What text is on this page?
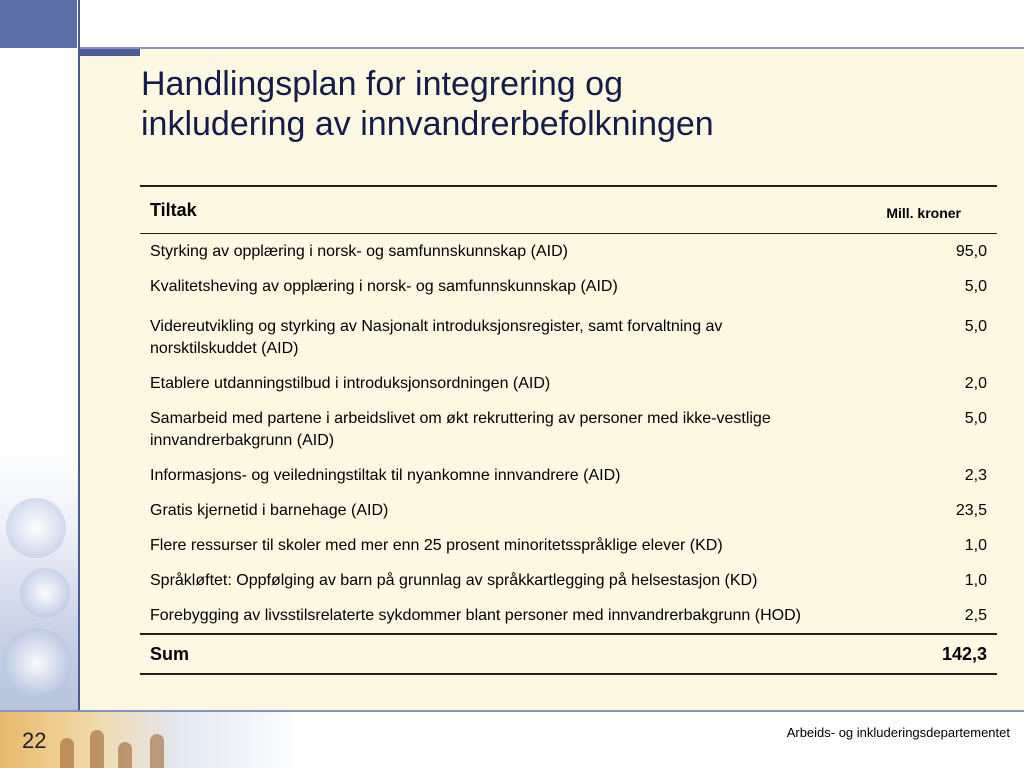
Handlingsplan for integrering og
inkludering av innvandrerbefolkningen
Tiltak	Mill. kroner
Styrking av opplæring i norsk- og samfunnskunnskap (AID)	95,0
Kvalitetsheving av opplæring i norsk- og samfunnskunnskap (AID)	5,0
Videreutvikling og styrking av Nasjonalt introduksjonsregister, samt forvaltning av norsktilskuddet (AID)	5,0
Etablere utdanningstilbud i introduksjonsordningen (AID)	2,0
Samarbeid med partene i arbeidslivet om økt rekruttering av personer med ikke-vestlige innvandrerbakgrunn (AID)	5,0
Informasjons- og veiledningstiltak til nyankomne innvandrere (AID)	2,3
Gratis kjernetid i barnehage (AID)	23,5
Flere ressurser til skoler med mer enn 25 prosent minoritetsspråklige elever (KD)	1,0
Språkløftet: Oppfølging av barn på grunnlag av språkkartlegging på helsestasjon (KD)	1,0
Forebygging av livsstilsrelaterte sykdommer blant personer med innvandrerbakgrunn (HOD)	2,5
Sum	142,3
22	Arbeids- og inkluderingsdepartementet
